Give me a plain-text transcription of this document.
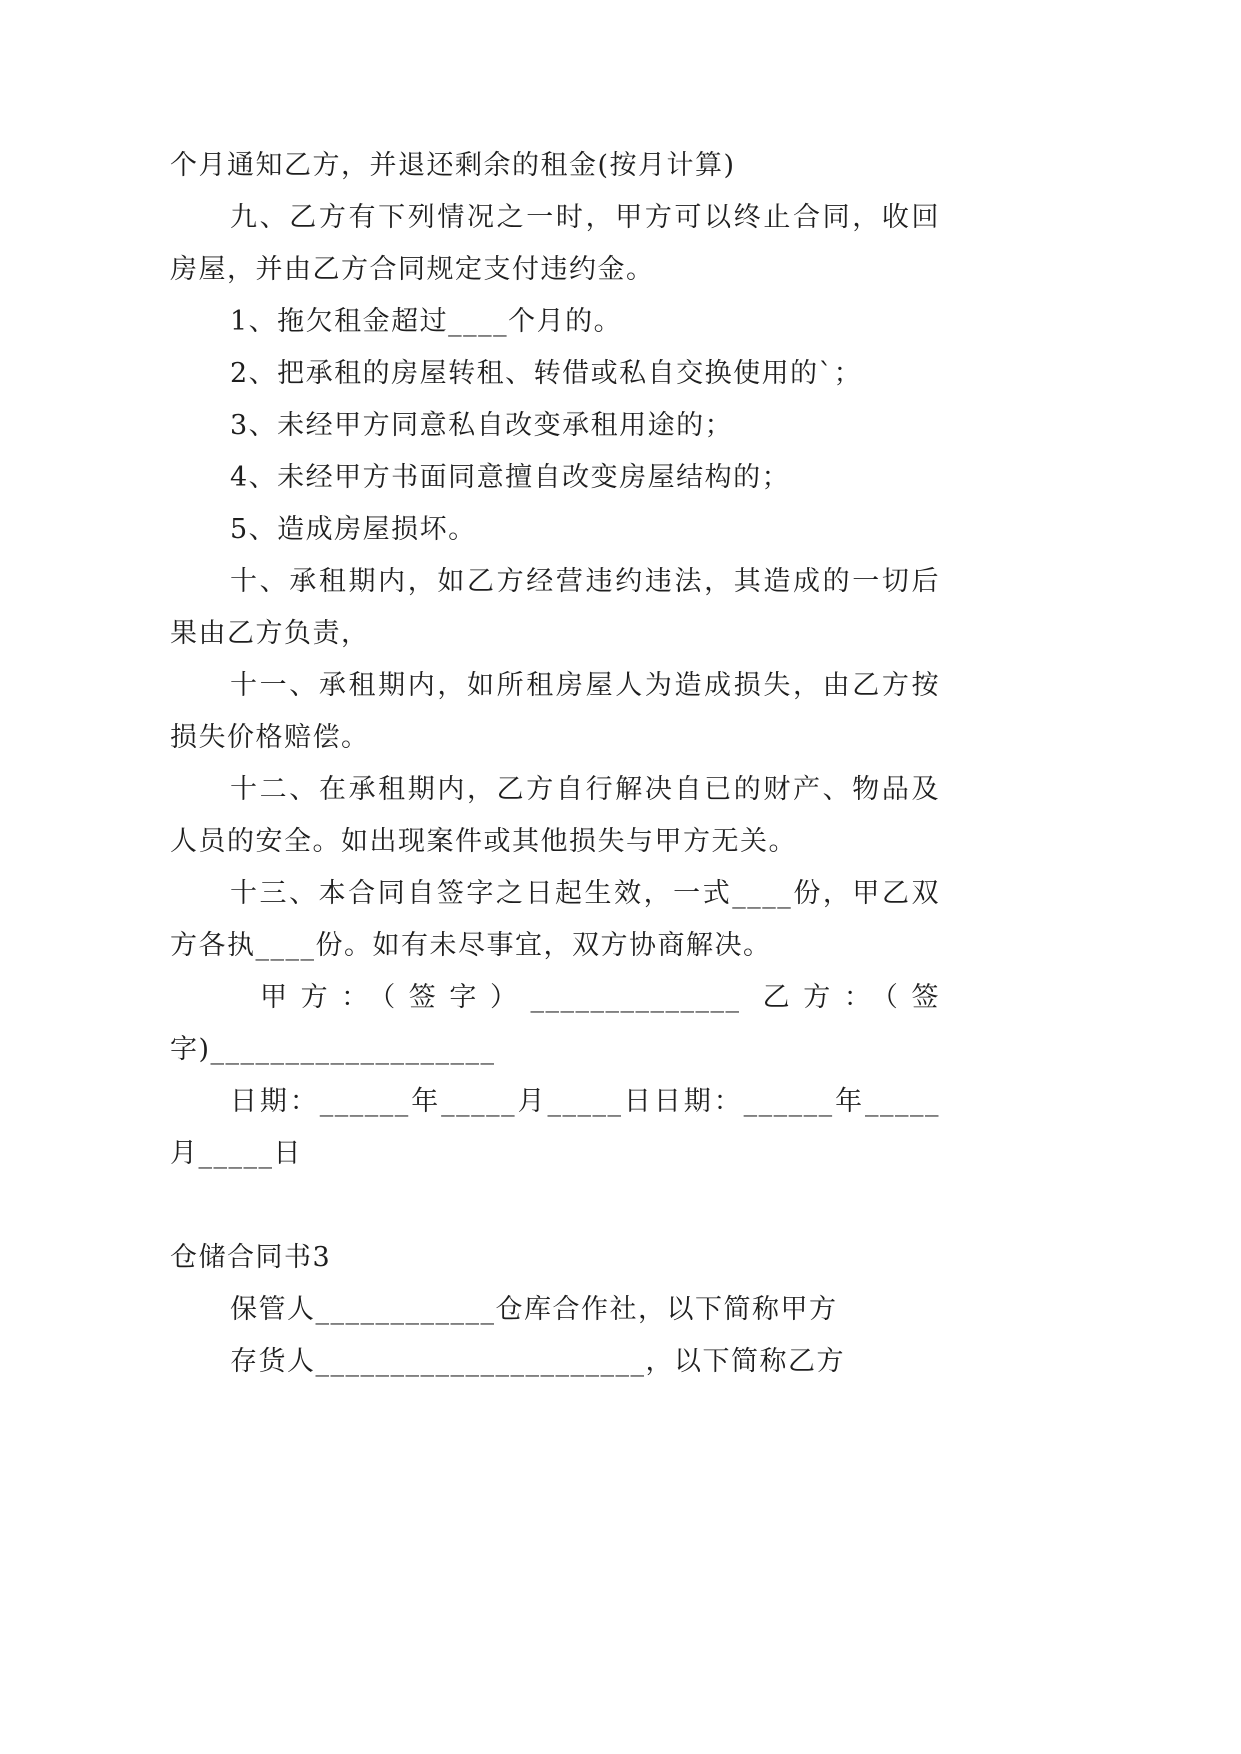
个月通知乙方，并退还剩余的租金(按月计算)
九、乙方有下列情况之一时，甲方可以终止合同，收回
房屋，并由乙方合同规定支付违约金。
1、拖欠租金超过____个月的。
2、把承租的房屋转租、转借或私自交换使用的`；
3、未经甲方同意私自改变承租用途的；
4、未经甲方书面同意擅自改变房屋结构的；
5、造成房屋损坏。
十、承租期内，如乙方经营违约违法，其造成的一切后
果由乙方负责，
十一、承租期内，如所租房屋人为造成损失，由乙方按
损失价格赔偿。
十二、在承租期内，乙方自行解决自已的财产、物品及
人员的安全。如出现案件或其他损失与甲方无关。
十三、本合同自签字之日起生效，一式____份，甲乙双
方各执____份。如有未尽事宜，双方协商解决。
甲方：（签字）______________ 乙方：（签
字)___________________
日期：______年_____月_____日日期：______年_____
月_____日
仓储合同书3
保管人____________仓库合作社，以下简称甲方
存货人______________________，以下简称乙方
